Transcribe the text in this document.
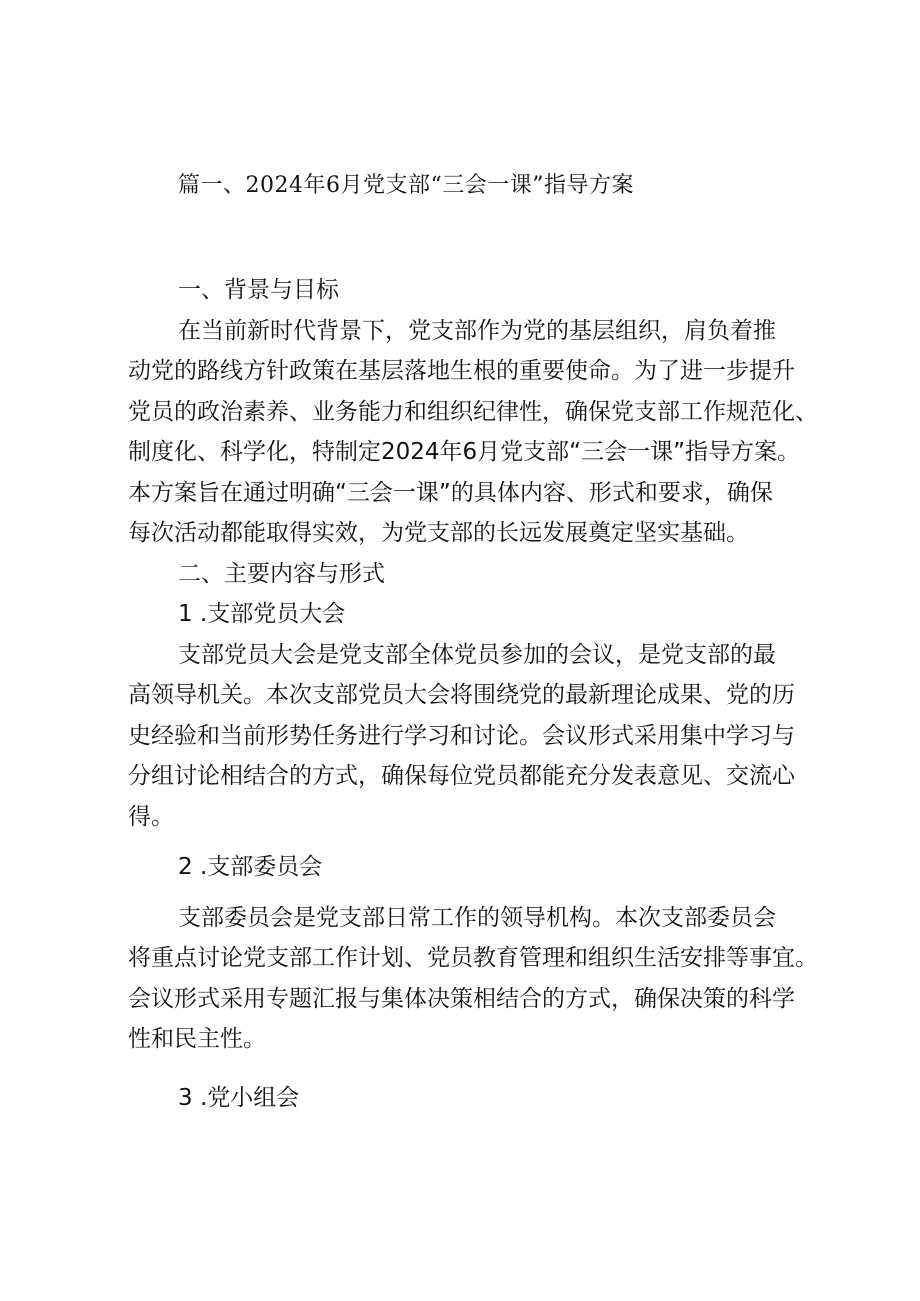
篇一、2024年6月党支部“三会一课”指导方案
一、背景与目标
在当前新时代背景下，党支部作为党的基层组织，肩负着推
动党的路线方针政策在基层落地生根的重要使命。为了进一步提升
党员的政治素养、业务能力和组织纪律性，确保党支部工作规范化、
制度化、科学化，特制定2024年6月党支部“三会一课”指导方案。
本方案旨在通过明确“三会一课”的具体内容、形式和要求，确保
每次活动都能取得实效，为党支部的长远发展奠定坚实基础。
二、主要内容与形式
1 .支部党员大会
支部党员大会是党支部全体党员参加的会议，是党支部的最
高领导机关。本次支部党员大会将围绕党的最新理论成果、党的历
史经验和当前形势任务进行学习和讨论。会议形式采用集中学习与
分组讨论相结合的方式，确保每位党员都能充分发表意见、交流心
得。
2 .支部委员会
支部委员会是党支部日常工作的领导机构。本次支部委员会
将重点讨论党支部工作计划、党员教育管理和组织生活安排等事宜。
会议形式采用专题汇报与集体决策相结合的方式，确保决策的科学
性和民主性。
3 .党小组会
